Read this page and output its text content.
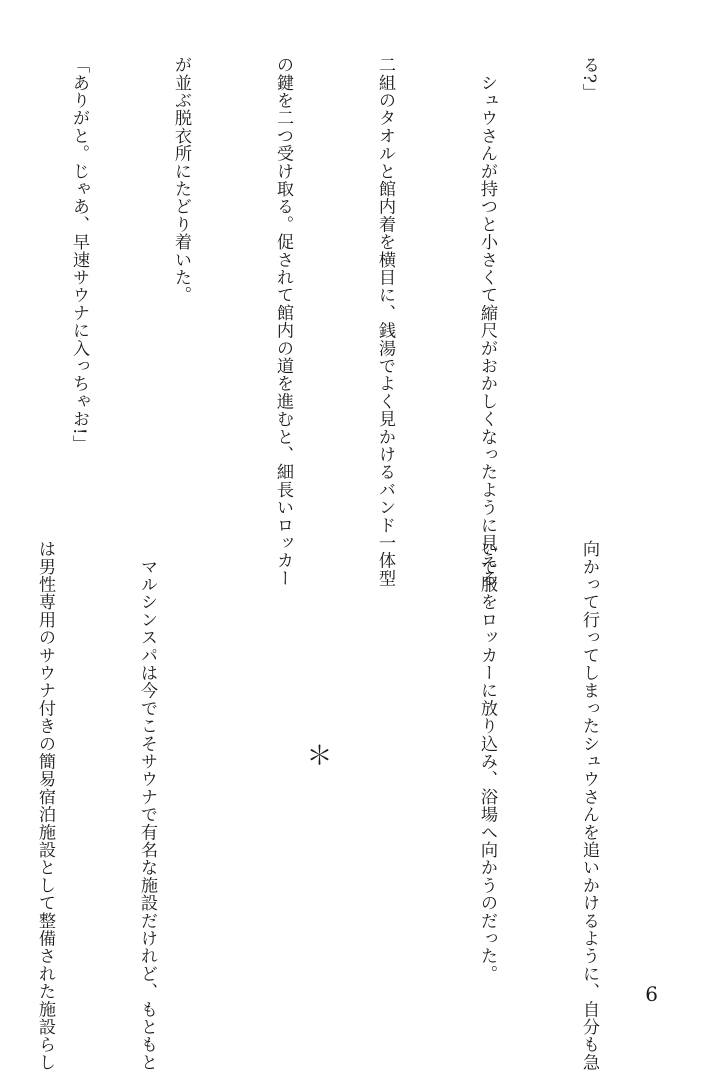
る?」

　シュウさんが持つと小さくて縮尺がおかしくなったように見える

二組のタオルと館内着を横目に、銭湯でよく見かけるバンド一体型

の鍵を二つ受け取る。促されて館内の道を進むと、細長いロッカー

が並ぶ脱衣所にたどり着いた。

「ありがと。じゃあ、早速サウナに入っちゃお!」

向かって行ってしまったシュウさんを追いかけるように、自分も急

いで服をロッカーに放り込み、浴場へ向かうのだった。

＊

　マルシンスパは今でこそサウナで有名な施設だけれど、もともと

は男性専用のサウナ付きの簡易宿泊施設として整備された施設らし

	6
